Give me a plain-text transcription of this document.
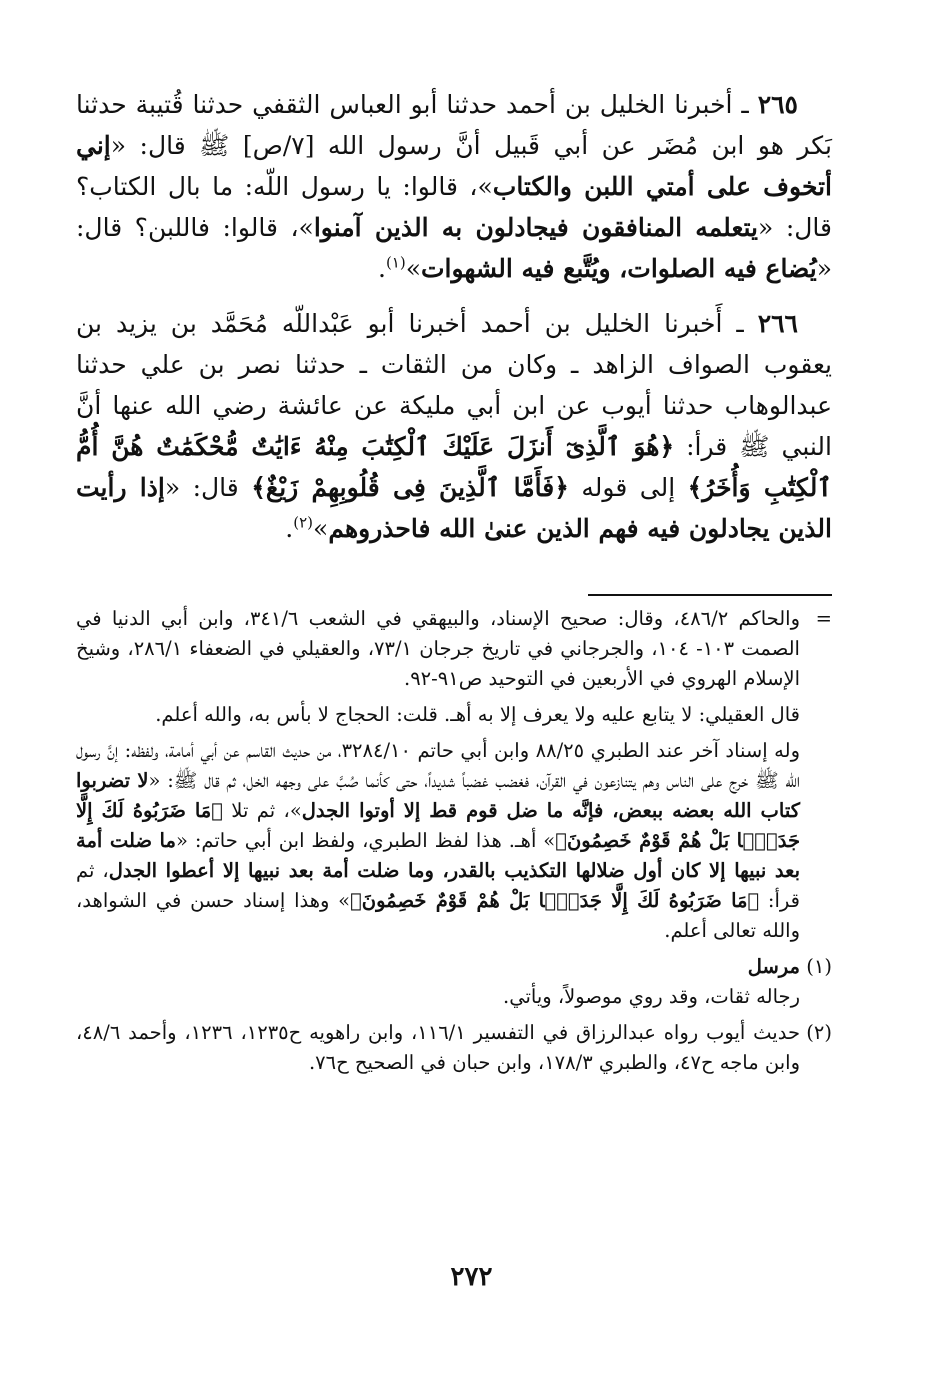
٢٦٥ ـ أخبرنا الخليل بن أحمد حدثنا أبو العباس الثقفي حدثنا قُتيبة حدثنا بَكر هو ابن مُضَر عن أبي قَبيل أنَّ رسول الله [٧/ص] ﷺ قال: «إني أتخوف على أمتي اللبن والكتاب»، قالوا: يا رسول اللّه: ما بال الكتاب؟ قال: «يتعلمه المنافقون فيجادلون به الذين آمنوا»، قالوا: فاللبن؟ قال: «يُضاع فيه الصلوات، ويُتَّبع فيه الشهوات»$^{(١)}$.

٢٦٦ ـ أَخبرنا الخليل بن أحمد أخبرنا أبو عَبْداللّه مُحَمَّد بن يزيد بن يعقوب الصواف الزاهد ـ وكان من الثقات ـ حدثنا نصر بن علي حدثنا عبدالوهاب حدثنا أيوب عن ابن أبي مليكة عن عائشة رضي الله عنها أنَّ النبي ﷺ قرأ: ﴿هُوَ ٱلَّذِىٓ أَنزَلَ عَلَيْكَ ٱلْكِتَٰبَ مِنْهُ ءَايَٰتٌ مُّحْكَمَٰتٌ هُنَّ أُمُّ ٱلْكِتَٰبِ وَأُخَرُ﴾ إلى قوله ﴿فَأَمَّا ٱلَّذِينَ فِى قُلُوبِهِمْ زَيْغٌ﴾ قال: «إذا رأيت الذين يجادلون فيه فهم الذين عنىٰ الله فاحذروهم»$^{(٢)}$.

=
والحاكم ٤٨٦/٢، وقال: صحيح الإسناد، والبيهقي في الشعب ٣٤١/٦، وابن أبي الدنيا في الصمت ١٠٣- ١٠٤، والجرجاني في تاريخ جرجان ٧٣/١، والعقيلي في الضعفاء ٢٨٦/١، وشيخ الإسلام الهروي في الأربعين في التوحيد ص٩١-٩٢.
قال العقيلي: لا يتابع عليه ولا يعرف إلا به أهـ. قلت: الحجاج لا بأس به، والله أعلم.
وله إسناد آخر عند الطبري ٨٨/٢٥ وابن أبي حاتم ٣٢٨٤/١٠، من حديث القاسم عن أبي أمامة، ولفظه: إنَّ رسول اللّه ﷺ خرج على الناس وهم يتنازعون في القرآن، فغضب غضباً شديداً، حتى كأنما صُبَّ على وجهه الخل، ثم قال ﷺ: «لا تضربوا كتاب الله بعضه ببعض، فإنَّه ما ضل قوم قط إلا أوتوا الجدل»، ثم تلا ﴿مَا ضَرَبُوهُ لَكَ إِلَّا جَدَلًۢا بَلْ هُمْ قَوْمٌ خَصِمُونَ﴾» أهـ. هذا لفظ الطبري، ولفظ ابن أبي حاتم: «ما ضلت أمة بعد نبيها إلا كان أول ضلالها التكذيب بالقدر، وما ضلت أمة بعد نبيها إلا أعطوا الجدل، ثم قرأ: ﴿مَا ضَرَبُوهُ لَكَ إِلَّا جَدَلًۢا بَلْ هُمْ قَوْمٌ خَصِمُونَ﴾» وهذا إسناد حسن في الشواهد، والله تعالى أعلم.
(١)
مرسل
رجاله ثقات، وقد روي موصولاً، ويأتي.
(٢)
حديث أيوب رواه عبدالرزاق في التفسير ١١٦/١، وابن راهويه ح١٢٣٥، ١٢٣٦، وأحمد ٤٨/٦، وابن ماجه ح٤٧، والطبري ١٧٨/٣، وابن حبان في الصحيح ح٧٦.
٢٧٢
